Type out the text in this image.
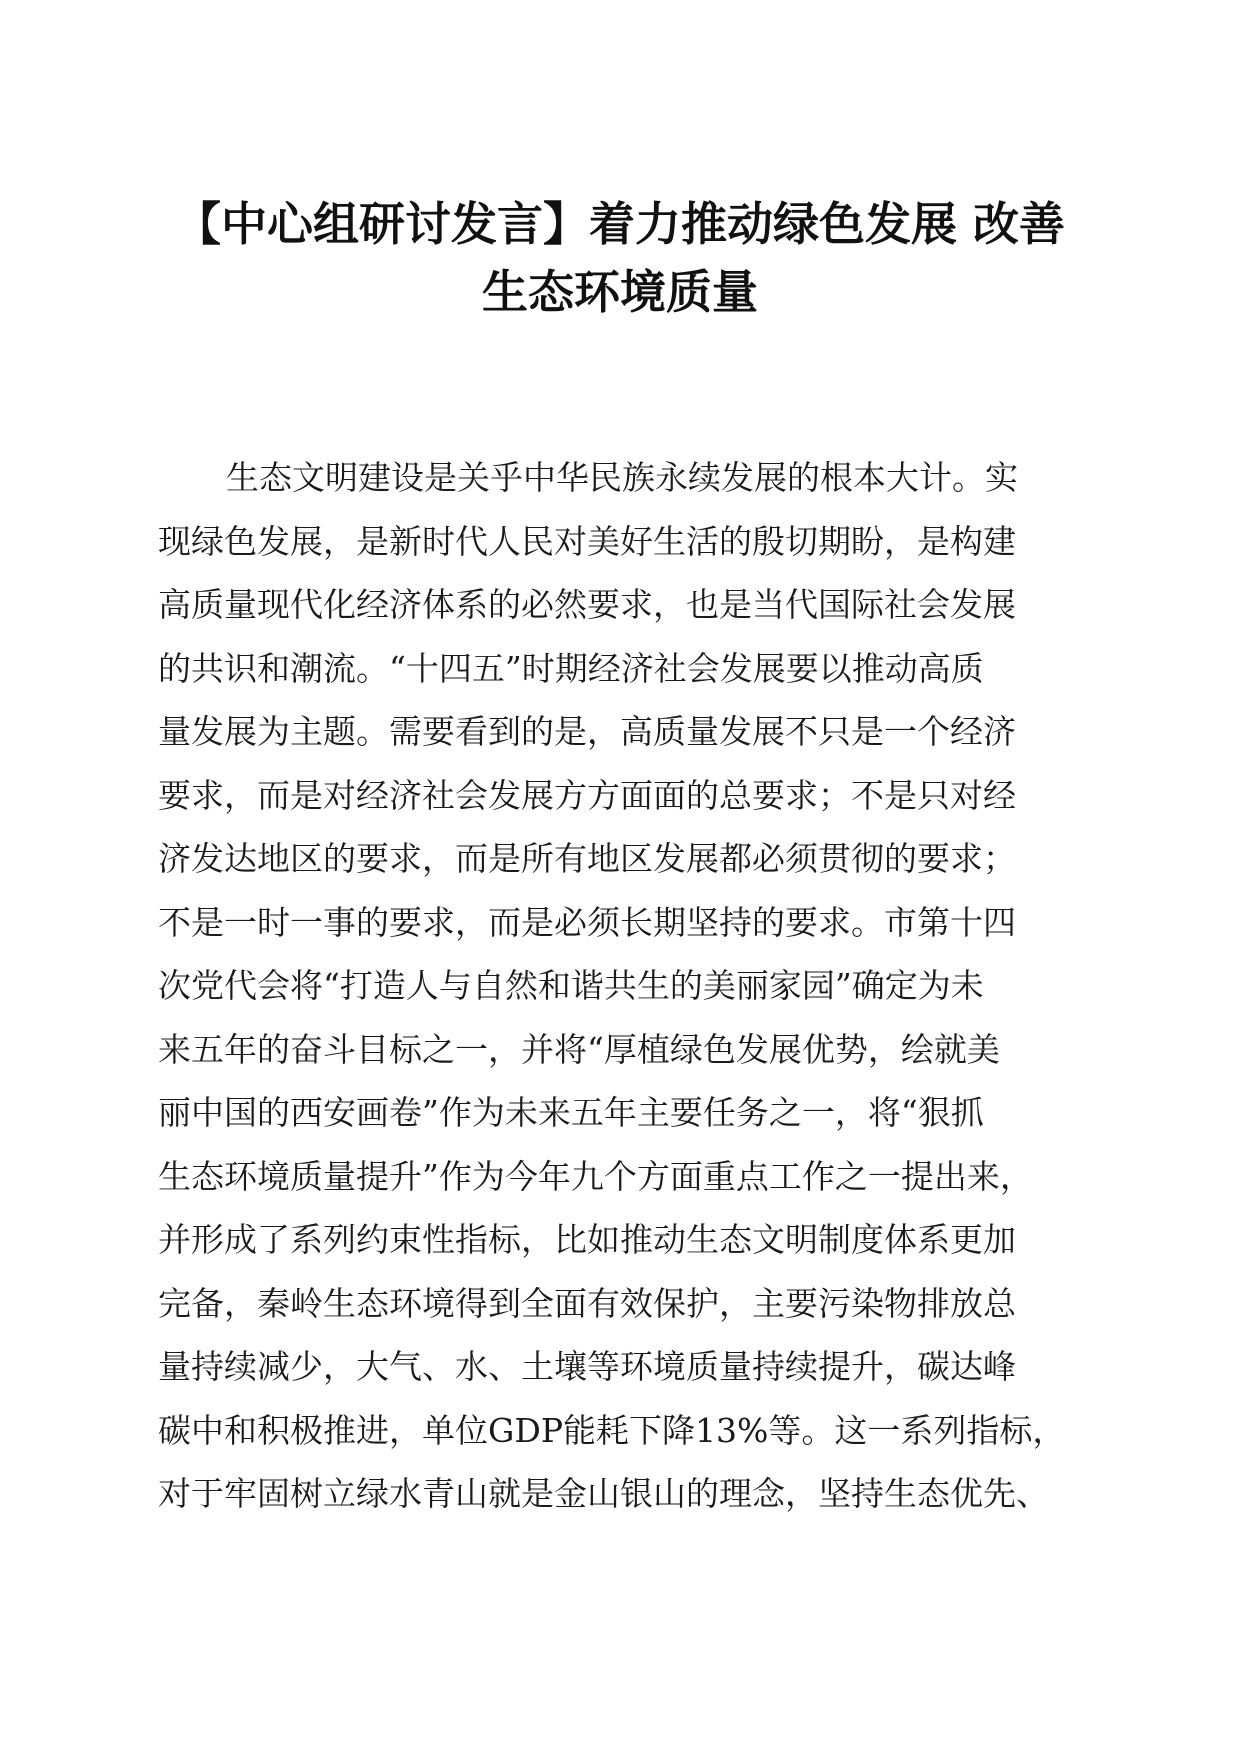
【中心组研讨发言】着力推动绿色发展 改善
生态环境质量
生态文明建设是关乎中华民族永续发展的根本大计。实
现绿色发展，是新时代人民对美好生活的殷切期盼，是构建
高质量现代化经济体系的必然要求，也是当代国际社会发展
的共识和潮流。“十四五”时期经济社会发展要以推动高质
量发展为主题。需要看到的是，高质量发展不只是一个经济
要求，而是对经济社会发展方方面面的总要求；不是只对经
济发达地区的要求，而是所有地区发展都必须贯彻的要求；
不是一时一事的要求，而是必须长期坚持的要求。市第十四
次党代会将“打造人与自然和谐共生的美丽家园”确定为未
来五年的奋斗目标之一，并将“厚植绿色发展优势，绘就美
丽中国的西安画卷”作为未来五年主要任务之一，将“狠抓
生态环境质量提升”作为今年九个方面重点工作之一提出来，
并形成了系列约束性指标，比如推动生态文明制度体系更加
完备，秦岭生态环境得到全面有效保护，主要污染物排放总
量持续减少，大气、水、土壤等环境质量持续提升，碳达峰
碳中和积极推进，单位GDP能耗下降13%等。这一系列指标，
对于牢固树立绿水青山就是金山银山的理念，坚持生态优先、
